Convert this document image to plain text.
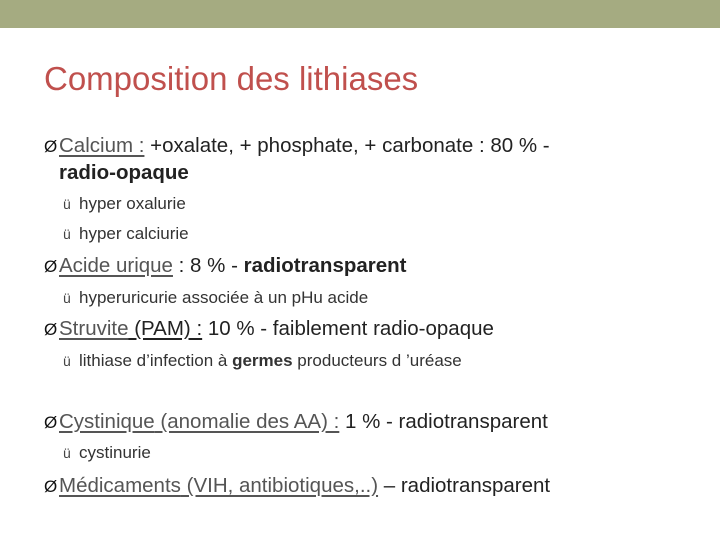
Composition des lithiases
ØCalcium : +oxalate, + phosphate, + carbonate : 80 % -
radio-opaque
ü hyper oxalurie
ü hyper calciurie
ØAcide urique : 8 % - radiotransparent
ü hyperuricurie associée à un pHu acide
ØStruvite (PAM) : 10 % - faiblement radio-opaque
ü lithiase d’infection à germes producteurs d ’uréase
ØCystinique (anomalie des AA) : 1 % - radiotransparent
ü cystinurie
ØMédicaments (VIH, antibiotiques,..) – radiotransparent
